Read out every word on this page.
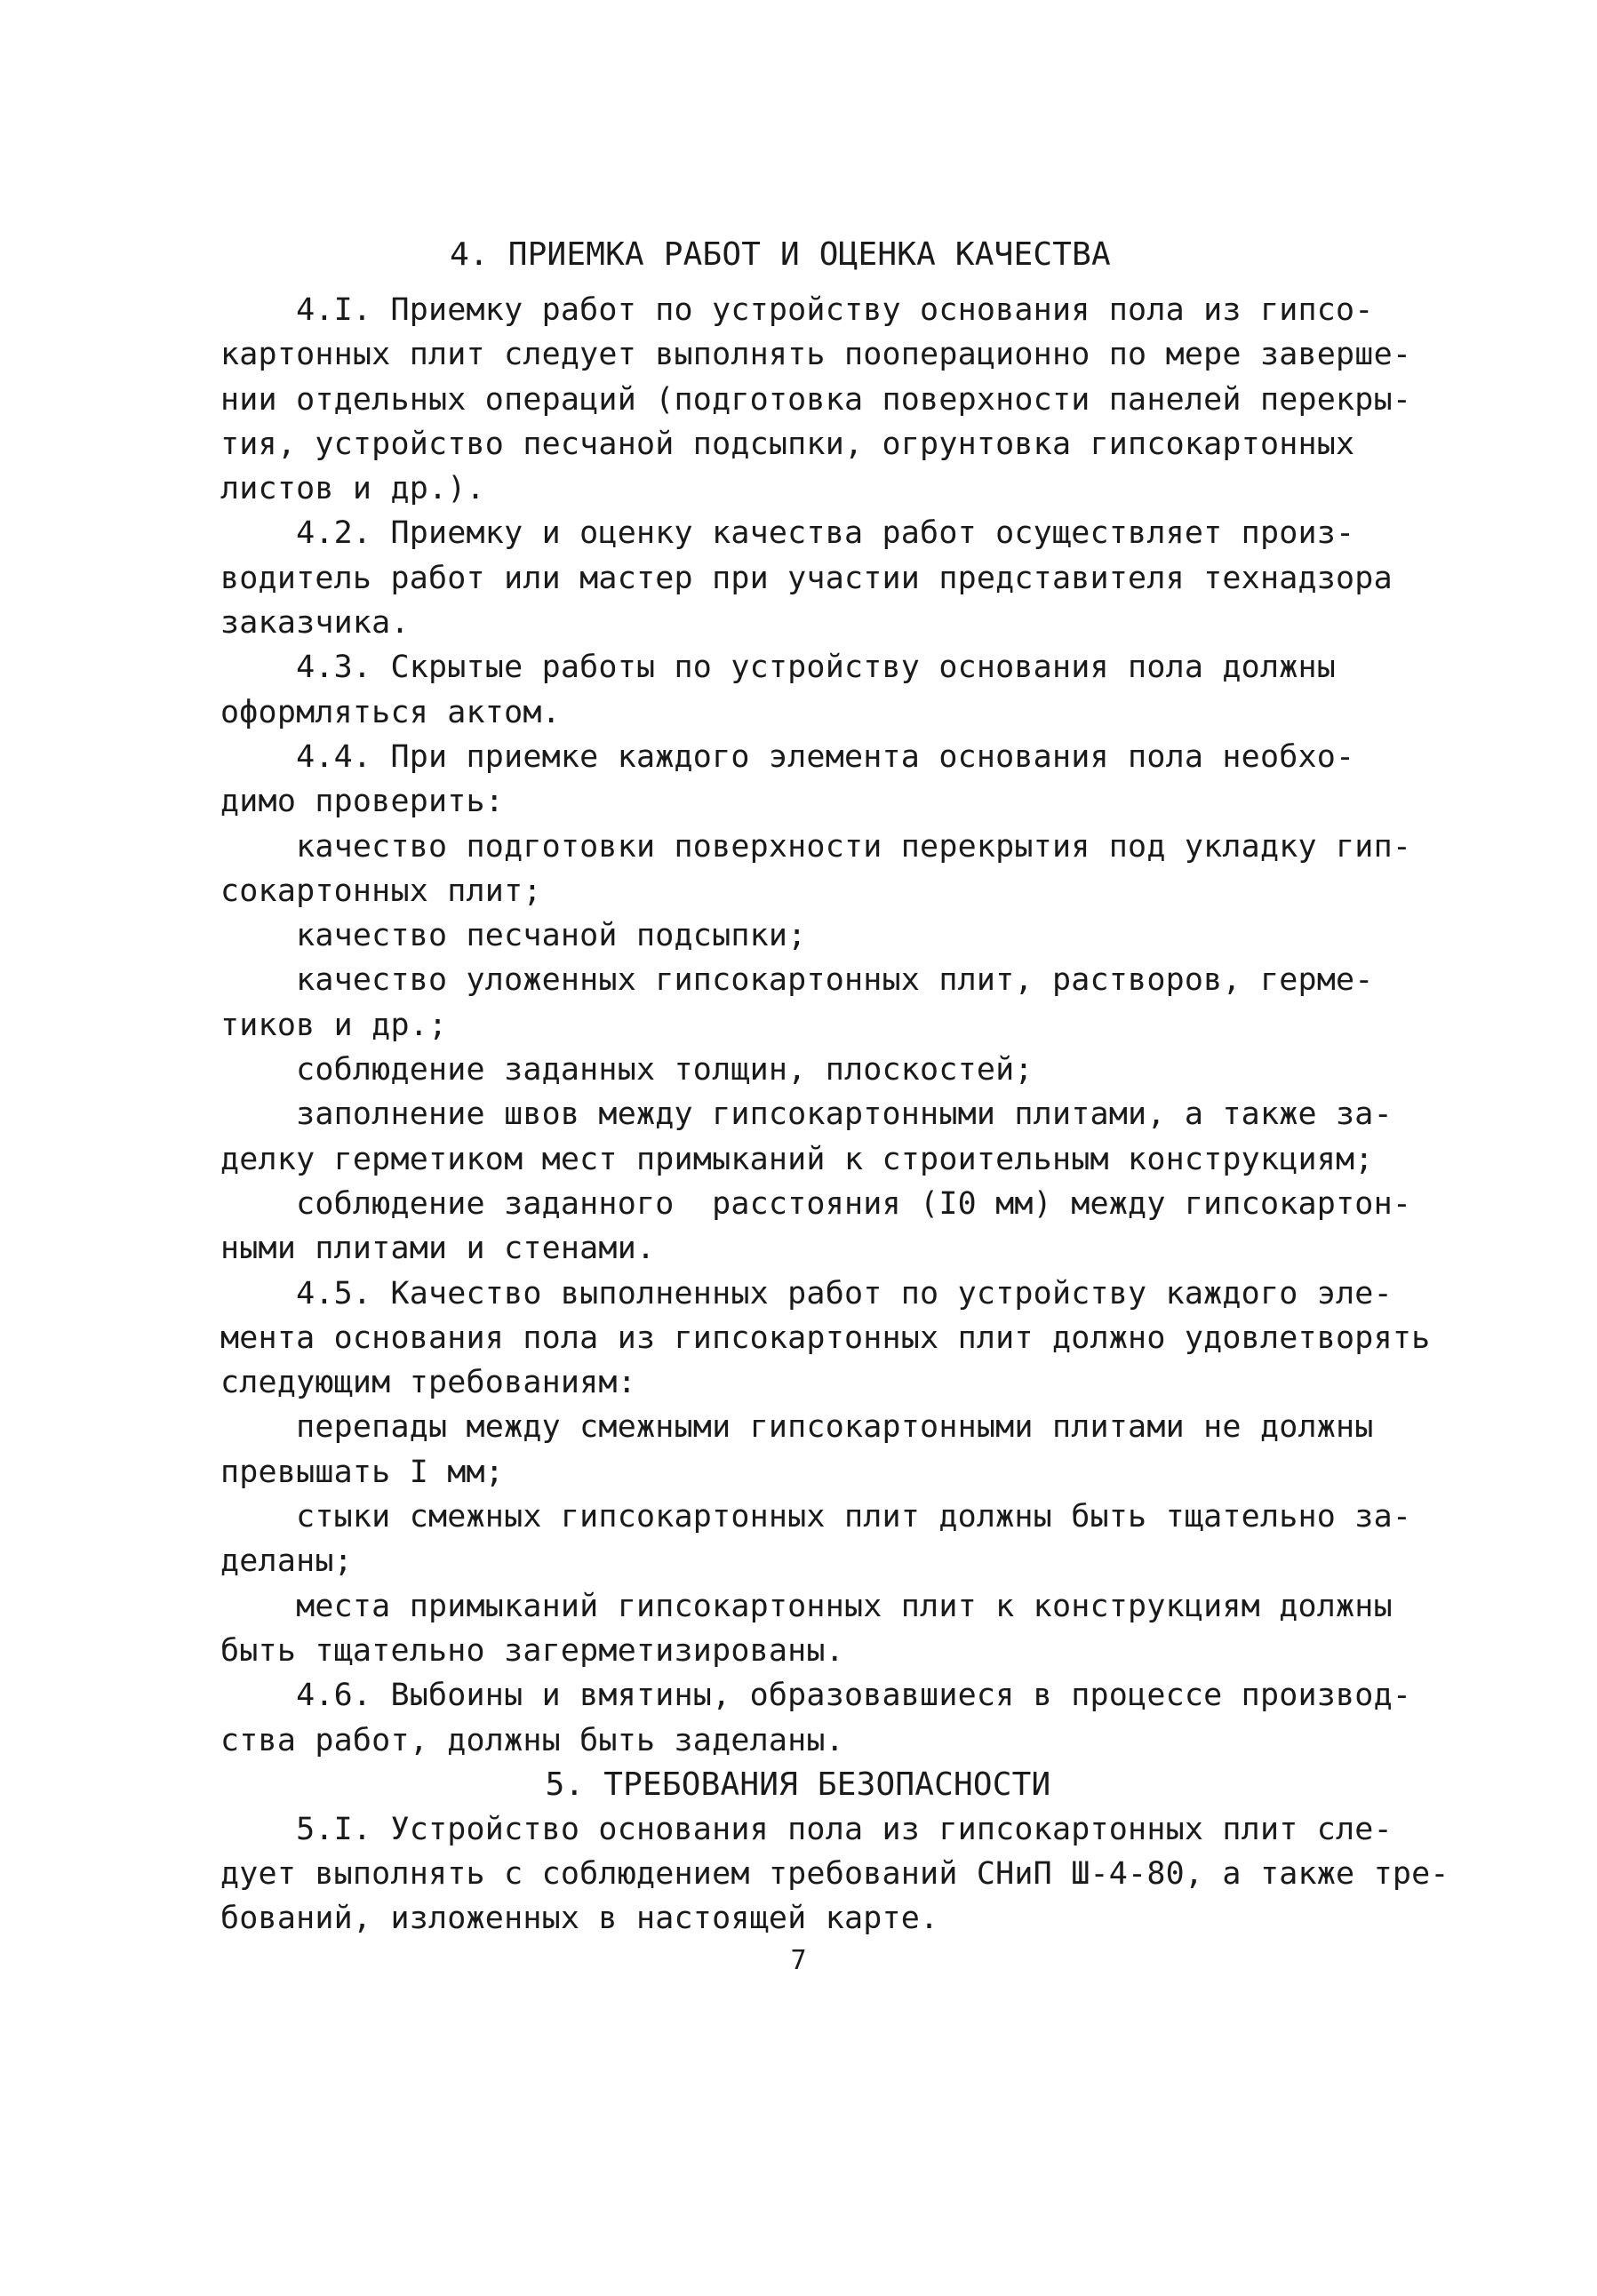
4. ПРИЕМКА РАБОТ И ОЦЕНКА КАЧЕСТВА
4.I. Приемку работ по устройству основания пола из гипсо-
картонных плит следует выполнять пооперационно по мере заверше-
нии отдельных операций (подготовка поверхности панелей перекры-
тия, устройство песчаной подсыпки, огрунтовка гипсокартонных
листов и др.).
4.2. Приемку и оценку качества работ осуществляет произ-
водитель работ или мастер при участии представителя технадзора
заказчика.
4.3. Скрытые работы по устройству основания пола должны
оформляться актом.
4.4. При приемке каждого элемента основания пола необхо-
димо проверить:
качество подготовки поверхности перекрытия под укладку гип-
сокартонных плит;
качество песчаной подсыпки;
качество уложенных гипсокартонных плит, растворов, герме-
тиков и др.;
соблюдение заданных толщин, плоскостей;
заполнение швов между гипсокартонными плитами, а также за-
делку герметиком мест примыканий к строительным конструкциям;
соблюдение заданного  расстояния (I0 мм) между гипсокартон-
ными плитами и стенами.
4.5. Качество выполненных работ по устройству каждого эле-
мента основания пола из гипсокартонных плит должно удовлетворять
следующим требованиям:
перепады между смежными гипсокартонными плитами не должны
превышать I мм;
стыки смежных гипсокартонных плит должны быть тщательно за-
деланы;
места примыканий гипсокартонных плит к конструкциям должны
быть тщательно загерметизированы.
4.6. Выбоины и вмятины, образовавшиеся в процессе производ-
ства работ, должны быть заделаны.
5. ТРЕБОВАНИЯ БЕЗОПАСНОСТИ
5.I. Устройство основания пола из гипсокартонных плит сле-
дует выполнять с соблюдением требований СНиП Ш-4-80, а также тре-
бований, изложенных в настоящей карте.
7
